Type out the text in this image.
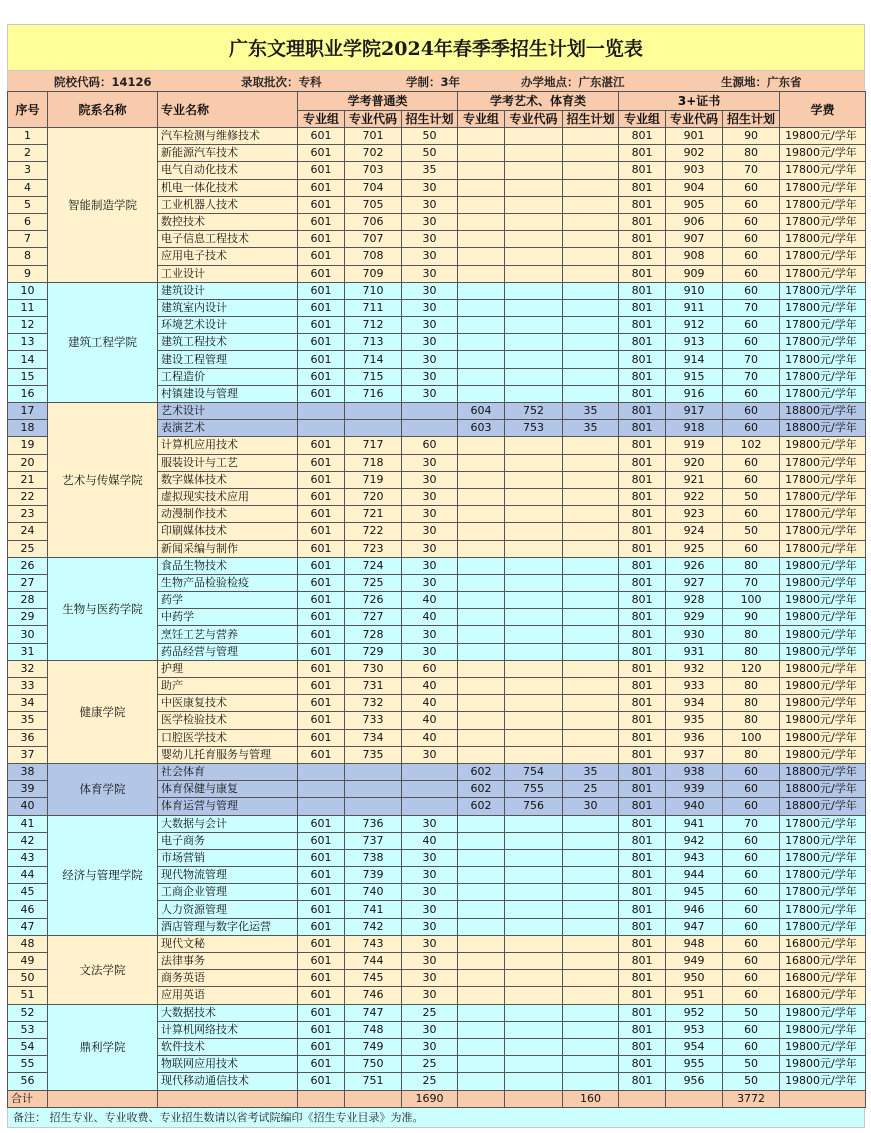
广东文理职业学院2024年春季季招生计划一览表
院校代码：14126	录取批次：专科	学制：3年	办学地点：广东湛江	生源地：广东省
序号	院系名称	专业名称	学考普通类			学考艺术、体育类			3+证书			学费
			专业组	专业代码	招生计划	专业组	专业代码	招生计划	专业组	专业代码	招生计划	
1	智能制造学院	汽车检测与维修技术	601	701	50				801	901	90	19800元/学年
2		新能源汽车技术	601	702	50				801	902	80	19800元/学年
3		电气自动化技术	601	703	35				801	903	70	17800元/学年
4		机电一体化技术	601	704	30				801	904	60	17800元/学年
5		工业机器人技术	601	705	30				801	905	60	17800元/学年
6		数控技术	601	706	30				801	906	60	17800元/学年
7		电子信息工程技术	601	707	30				801	907	60	17800元/学年
8		应用电子技术	601	708	30				801	908	60	17800元/学年
9		工业设计	601	709	30				801	909	60	17800元/学年
10	建筑工程学院	建筑设计	601	710	30				801	910	60	17800元/学年
11		建筑室内设计	601	711	30				801	911	70	17800元/学年
12		环境艺术设计	601	712	30				801	912	60	17800元/学年
13		建筑工程技术	601	713	30				801	913	60	17800元/学年
14		建设工程管理	601	714	30				801	914	70	17800元/学年
15		工程造价	601	715	30				801	915	70	17800元/学年
16		村镇建设与管理	601	716	30				801	916	60	17800元/学年
17	艺术与传媒学院	艺术设计				604	752	35	801	917	60	18800元/学年
18		表演艺术				603	753	35	801	918	60	18800元/学年
19		计算机应用技术	601	717	60				801	919	102	19800元/学年
20		服装设计与工艺	601	718	30				801	920	60	17800元/学年
21		数字媒体技术	601	719	30				801	921	60	17800元/学年
22		虚拟现实技术应用	601	720	30				801	922	50	17800元/学年
23		动漫制作技术	601	721	30				801	923	60	17800元/学年
24		印刷媒体技术	601	722	30				801	924	50	17800元/学年
25		新闻采编与制作	601	723	30				801	925	60	17800元/学年
26	生物与医药学院	食品生物技术	601	724	30				801	926	80	19800元/学年
27		生物产品检验检疫	601	725	30				801	927	70	19800元/学年
28		药学	601	726	40				801	928	100	19800元/学年
29		中药学	601	727	40				801	929	90	19800元/学年
30		烹饪工艺与营养	601	728	30				801	930	80	19800元/学年
31		药品经营与管理	601	729	30				801	931	80	19800元/学年
32	健康学院	护理	601	730	60				801	932	120	19800元/学年
33		助产	601	731	40				801	933	80	19800元/学年
34		中医康复技术	601	732	40				801	934	80	19800元/学年
35		医学检验技术	601	733	40				801	935	80	19800元/学年
36		口腔医学技术	601	734	40				801	936	100	19800元/学年
37		婴幼儿托育服务与管理	601	735	30				801	937	80	19800元/学年
38	体育学院	社会体育				602	754	35	801	938	60	18800元/学年
39		体育保健与康复				602	755	25	801	939	60	18800元/学年
40		体育运营与管理				602	756	30	801	940	60	18800元/学年
41	经济与管理学院	大数据与会计	601	736	30				801	941	70	17800元/学年
42		电子商务	601	737	40				801	942	60	17800元/学年
43		市场营销	601	738	30				801	943	60	17800元/学年
44		现代物流管理	601	739	30				801	944	60	17800元/学年
45		工商企业管理	601	740	30				801	945	60	17800元/学年
46		人力资源管理	601	741	30				801	946	60	17800元/学年
47		酒店管理与数字化运营	601	742	30				801	947	60	17800元/学年
48	文法学院	现代文秘	601	743	30				801	948	60	16800元/学年
49		法律事务	601	744	30				801	949	60	16800元/学年
50		商务英语	601	745	30				801	950	60	16800元/学年
51		应用英语	601	746	30				801	951	60	16800元/学年
52	鼎利学院	大数据技术	601	747	25				801	952	50	19800元/学年
53		计算机网络技术	601	748	30				801	953	60	19800元/学年
54		软件技术	601	749	30				801	954	60	19800元/学年
55		物联网应用技术	601	750	25				801	955	50	19800元/学年
56		现代移动通信技术	601	751	25				801	956	50	19800元/学年
合计					1690			160			3772	
备注： 招生专业、专业收费、专业招生数请以省考试院编印《招生专业目录》为准。
